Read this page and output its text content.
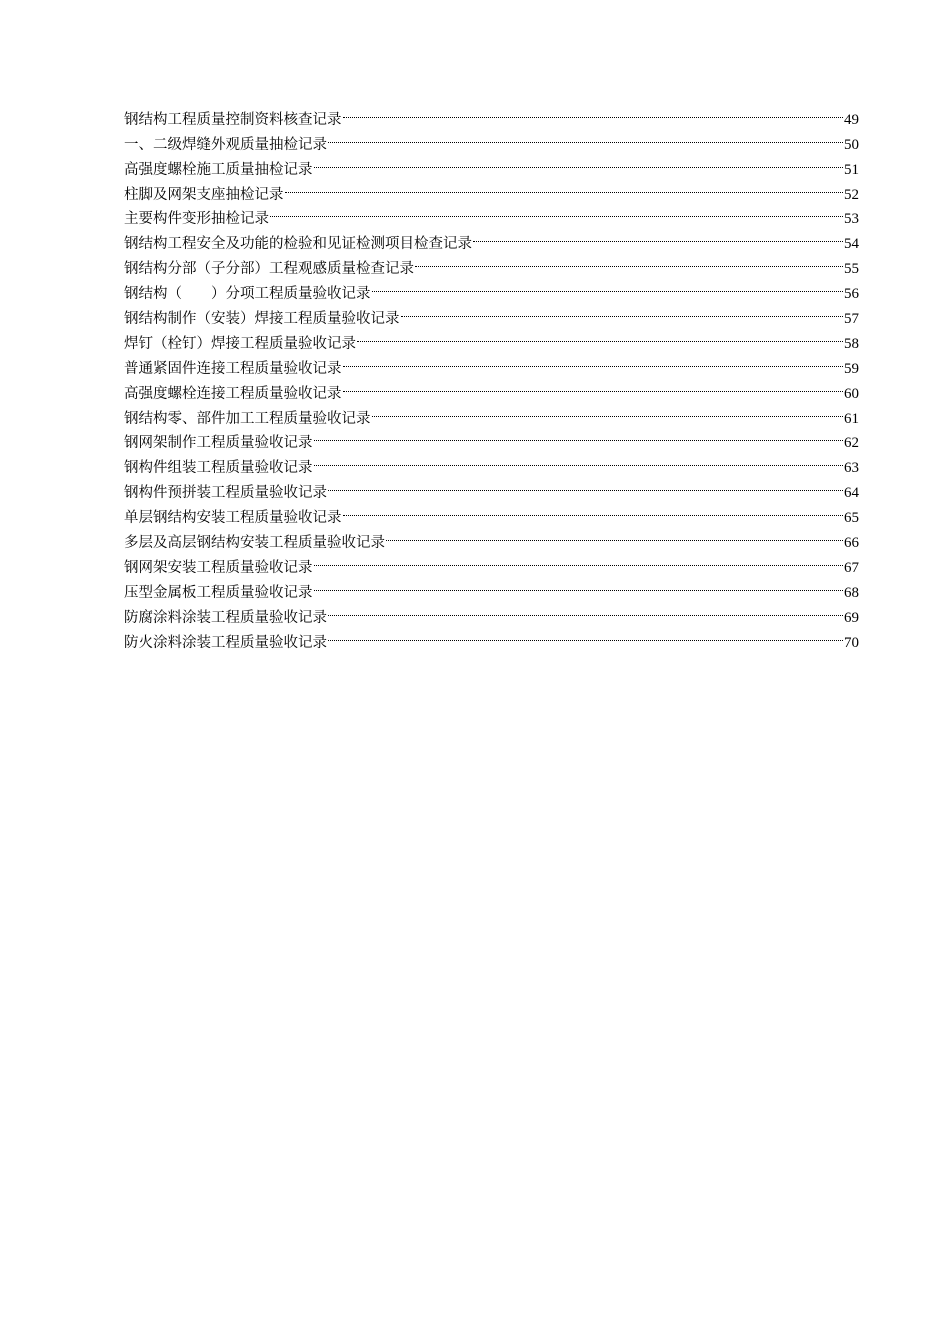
钢结构工程质量控制资料核查记录	49
一、二级焊缝外观质量抽检记录	50
高强度螺栓施工质量抽检记录	51
柱脚及网架支座抽检记录	52
主要构件变形抽检记录	53
钢结构工程安全及功能的检验和见证检测项目检查记录	54
钢结构分部（子分部）工程观感质量检查记录	55
钢结构（　　）分项工程质量验收记录	56
钢结构制作（安装）焊接工程质量验收记录	57
焊钉（栓钉）焊接工程质量验收记录	58
普通紧固件连接工程质量验收记录	59
高强度螺栓连接工程质量验收记录	60
钢结构零、部件加工工程质量验收记录	61
钢网架制作工程质量验收记录	62
钢构件组装工程质量验收记录	63
钢构件预拼装工程质量验收记录	64
单层钢结构安装工程质量验收记录	65
多层及高层钢结构安装工程质量验收记录	66
钢网架安装工程质量验收记录	67
压型金属板工程质量验收记录	68
防腐涂料涂装工程质量验收记录	69
防火涂料涂装工程质量验收记录	70
